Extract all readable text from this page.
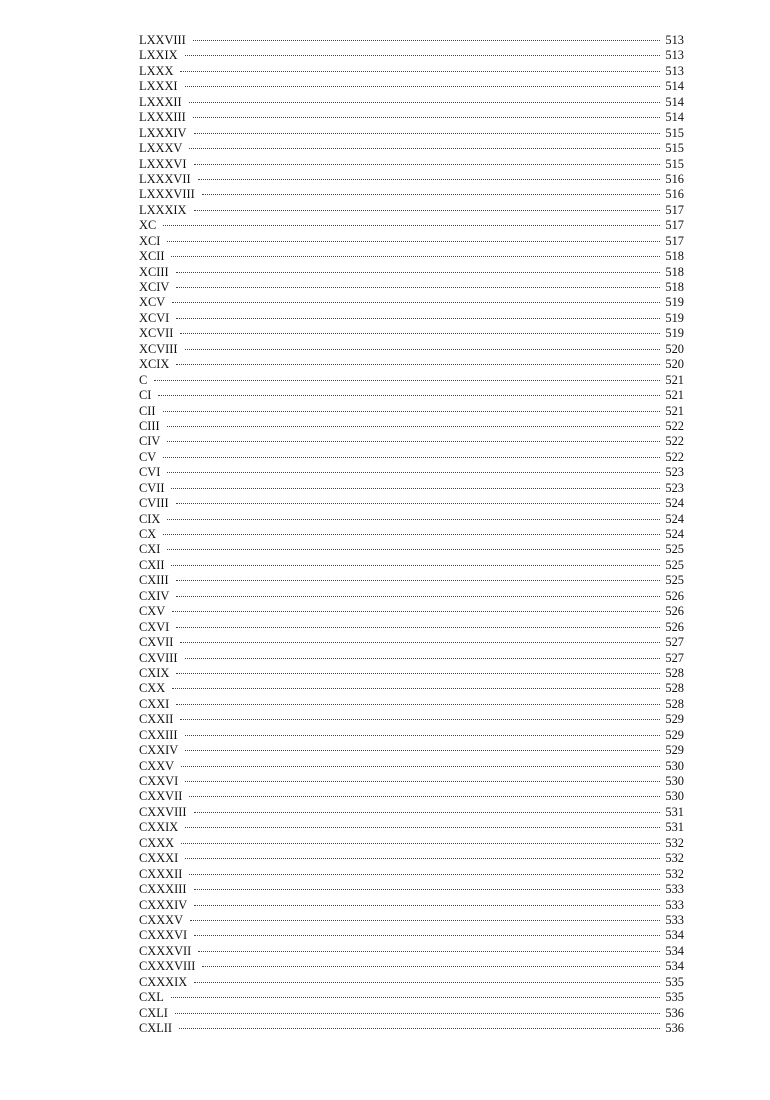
LXXVIII	513
LXXIX	513
LXXX	513
LXXXI	514
LXXXII	514
LXXXIII	514
LXXXIV	515
LXXXV	515
LXXXVI	515
LXXXVII	516
LXXXVIII	516
LXXXIX	517
XC	517
XCI	517
XCII	518
XCIII	518
XCIV	518
XCV	519
XCVI	519
XCVII	519
XCVIII	520
XCIX	520
C	521
CI	521
CII	521
CIII	522
CIV	522
CV	522
CVI	523
CVII	523
CVIII	524
CIX	524
CX	524
CXI	525
CXII	525
CXIII	525
CXIV	526
CXV	526
CXVI	526
CXVII	527
CXVIII	527
CXIX	528
CXX	528
CXXI	528
CXXII	529
CXXIII	529
CXXIV	529
CXXV	530
CXXVI	530
CXXVII	530
CXXVIII	531
CXXIX	531
CXXX	532
CXXXI	532
CXXXII	532
CXXXIII	533
CXXXIV	533
CXXXV	533
CXXXVI	534
CXXXVII	534
CXXXVIII	534
CXXXIX	535
CXL	535
CXLI	536
CXLII	536
